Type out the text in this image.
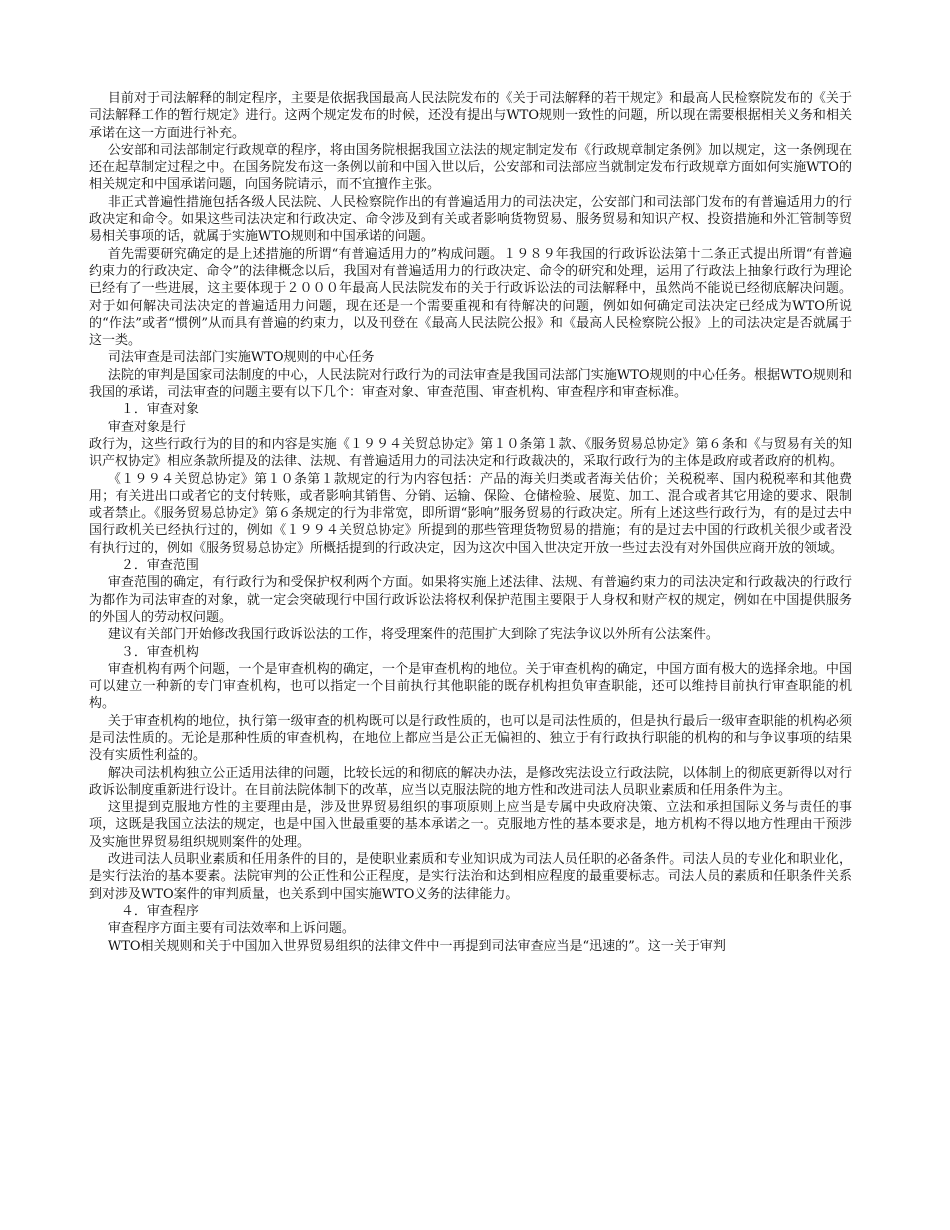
目前对于司法解释的制定程序，主要是依据我国最高人民法院发布的《关于司法解释的若干规定》和最高人民检察院发布的《关于司法解释工作的暂行规定》进行。这两个规定发布的时候，还没有提出与WTO规则一致性的问题，所以现在需要根据相关义务和相关承诺在这一方面进行补充。

公安部和司法部制定行政规章的程序，将由国务院根据我国立法法的规定制定发布《行政规章制定条例》加以规定，这一条例现在还在起草制定过程之中。在国务院发布这一条例以前和中国入世以后，公安部和司法部应当就制定发布行政规章方面如何实施WTO的相关规定和中国承诺问题，向国务院请示，而不宜擅作主张。

非正式普遍性措施包括各级人民法院、人民检察院作出的有普遍适用力的司法决定，公安部门和司法部门发布的有普遍适用力的行政决定和命令。如果这些司法决定和行政决定、命令涉及到有关或者影响货物贸易、服务贸易和知识产权、投资措施和外汇管制等贸易相关事项的话，就属于实施WTO规则和中国承诺的问题。

首先需要研究确定的是上述措施的所谓“有普遍适用力的”构成问题。１９８９年我国的行政诉讼法第十二条正式提出所谓“有普遍约束力的行政决定、命令”的法律概念以后，我国对有普遍适用力的行政决定、命令的研究和处理，运用了行政法上抽象行政行为理论已经有了一些进展，这主要体现于２０００年最高人民法院发布的关于行政诉讼法的司法解释中，虽然尚不能说已经彻底解决问题。对于如何解决司法决定的普遍适用力问题，现在还是一个需要重视和有待解决的问题，例如如何确定司法决定已经成为WTO所说的“作法”或者“惯例”从而具有普遍的约束力，以及刊登在《最高人民法院公报》和《最高人民检察院公报》上的司法决定是否就属于这一类。

司法审查是司法部门实施WTO规则的中心任务

法院的审判是国家司法制度的中心，人民法院对行政行为的司法审查是我国司法部门实施WTO规则的中心任务。根据WTO规则和我国的承诺，司法审查的问题主要有以下几个：审查对象、审查范围、审查机构、审查程序和审查标准。

　１．审查对象

审查对象是行

政行为，这些行政行为的目的和内容是实施《１９９４关贸总协定》第１０条第１款、《服务贸易总协定》第６条和《与贸易有关的知识产权协定》相应条款所提及的法律、法规、有普遍适用力的司法决定和行政裁决的，采取行政行为的主体是政府或者政府的机构。

《１９９４关贸总协定》第１０条第１款规定的行为内容包括：产品的海关归类或者海关估价；关税税率、国内税税率和其他费用；有关进出口或者它的支付转账，或者影响其销售、分销、运输、保险、仓储检验、展览、加工、混合或者其它用途的要求、限制或者禁止。《服务贸易总协定》第６条规定的行为非常宽，即所谓“影响”服务贸易的行政决定。所有上述这些行政行为，有的是过去中国行政机关已经执行过的，例如《１９９４关贸总协定》所提到的那些管理货物贸易的措施；有的是过去中国的行政机关很少或者没有执行过的，例如《服务贸易总协定》所概括提到的行政决定，因为这次中国入世决定开放一些过去没有对外国供应商开放的领域。

　２．审查范围

审查范围的确定，有行政行为和受保护权利两个方面。如果将实施上述法律、法规、有普遍约束力的司法决定和行政裁决的行政行为都作为司法审查的对象，就一定会突破现行中国行政诉讼法将权利保护范围主要限于人身权和财产权的规定，例如在中国提供服务的外国人的劳动权问题。

建议有关部门开始修改我国行政诉讼法的工作，将受理案件的范围扩大到除了宪法争议以外所有公法案件。

　３．审查机构

审查机构有两个问题，一个是审查机构的确定，一个是审查机构的地位。关于审查机构的确定，中国方面有极大的选择余地。中国可以建立一种新的专门审查机构，也可以指定一个目前执行其他职能的既存机构担负审查职能，还可以维持目前执行审查职能的机构。

关于审查机构的地位，执行第一级审查的机构既可以是行政性质的，也可以是司法性质的，但是执行最后一级审查职能的机构必须是司法性质的。无论是那种性质的审查机构，在地位上都应当是公正无偏袒的、独立于有行政执行职能的机构的和与争议事项的结果没有实质性利益的。

解决司法机构独立公正适用法律的问题，比较长远的和彻底的解决办法，是修改宪法设立行政法院，以体制上的彻底更新得以对行政诉讼制度重新进行设计。在目前法院体制下的改革，应当以克服法院的地方性和改进司法人员职业素质和任用条件为主。

这里提到克服地方性的主要理由是，涉及世界贸易组织的事项原则上应当是专属中央政府决策、立法和承担国际义务与责任的事项，这既是我国立法法的规定，也是中国入世最重要的基本承诺之一。克服地方性的基本要求是，地方机构不得以地方性理由干预涉及实施世界贸易组织规则案件的处理。

改进司法人员职业素质和任用条件的目的，是使职业素质和专业知识成为司法人员任职的必备条件。司法人员的专业化和职业化，是实行法治的基本要素。法院审判的公正性和公正程度，是实行法治和达到相应程度的最重要标志。司法人员的素质和任职条件关系到对涉及WTO案件的审判质量，也关系到中国实施WTO义务的法律能力。

　４．审查程序

审查程序方面主要有司法效率和上诉问题。

WTO相关规则和关于中国加入世界贸易组织的法律文件中一再提到司法审查应当是“迅速的”。这一关于审判
